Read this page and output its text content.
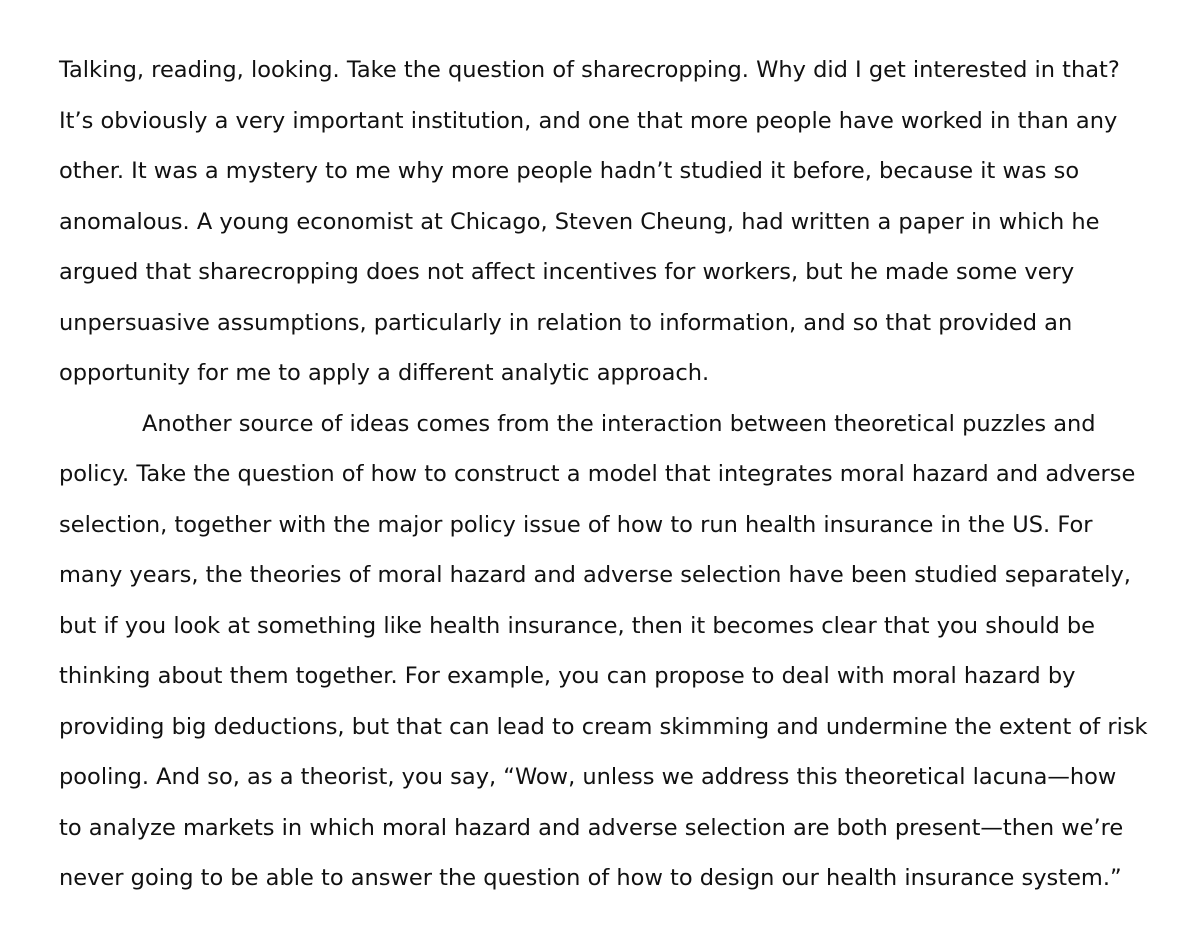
Talking, reading, looking. Take the question of sharecropping. Why did I get interested in that?
It’s obviously a very important institution, and one that more people have worked in than any
other. It was a mystery to me why more people hadn’t studied it before, because it was so
anomalous. A young economist at Chicago, Steven Cheung, had written a paper in which he
argued that sharecropping does not affect incentives for workers, but he made some very
unpersuasive assumptions, particularly in relation to information, and so that provided an
opportunity for me to apply a different analytic approach.
Another source of ideas comes from the interaction between theoretical puzzles and
policy. Take the question of how to construct a model that integrates moral hazard and adverse
selection, together with the major policy issue of how to run health insurance in the US. For
many years, the theories of moral hazard and adverse selection have been studied separately,
but if you look at something like health insurance, then it becomes clear that you should be
thinking about them together. For example, you can propose to deal with moral hazard by
providing big deductions, but that can lead to cream skimming and undermine the extent of risk
pooling. And so, as a theorist, you say, “Wow, unless we address this theoretical lacuna—how
to analyze markets in which moral hazard and adverse selection are both present—then we’re
never going to be able to answer the question of how to design our health insurance system.”
